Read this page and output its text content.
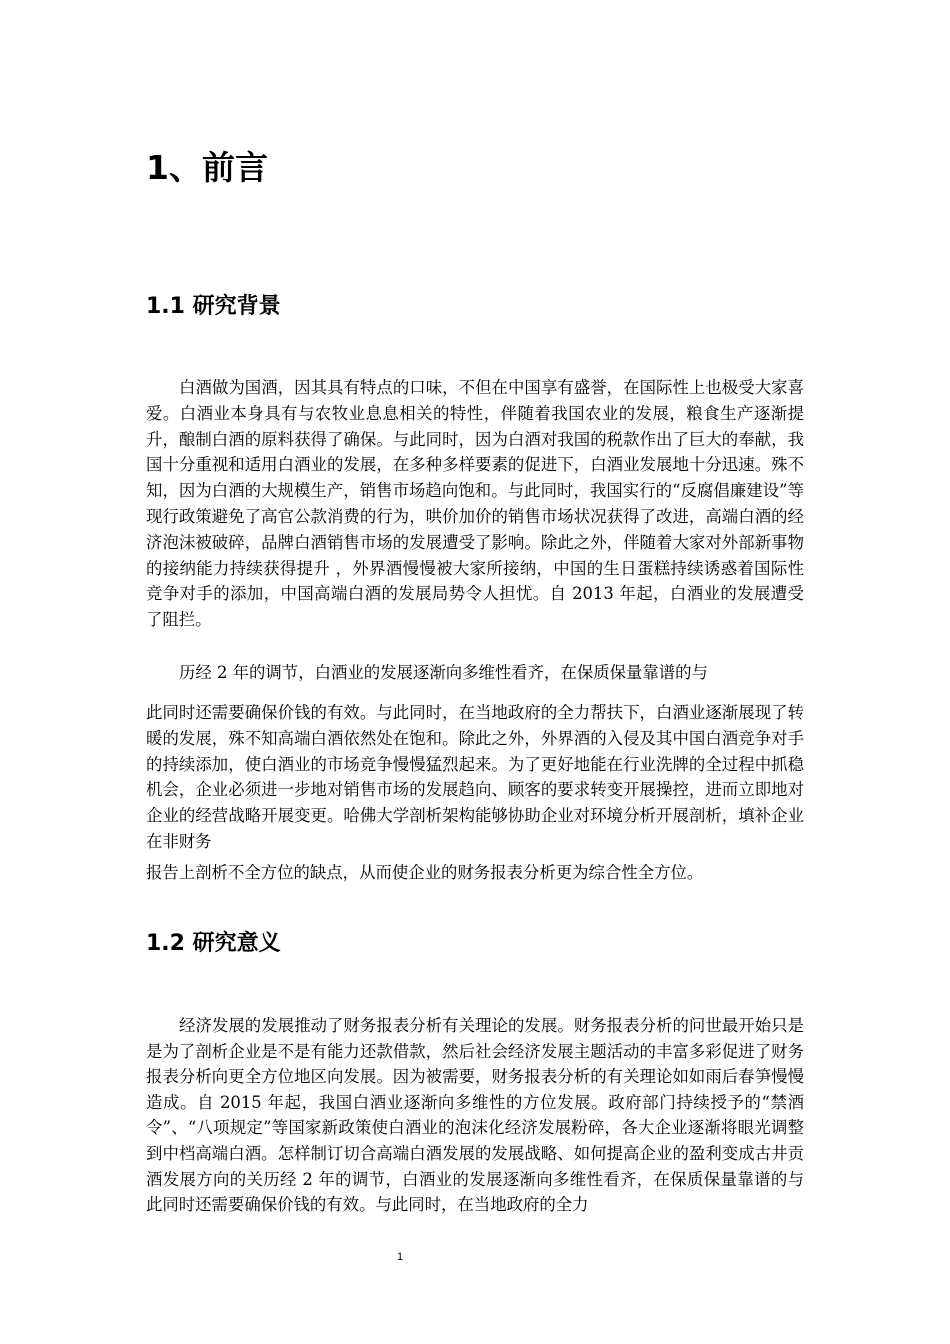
1、前言
1.1 研究背景

白酒做为国酒，因其具有特点的口味，不但在中国享有盛誉，在国际性上也极受大家喜爱。白酒业本身具有与农牧业息息相关的特性，伴随着我国农业的发展，粮食生产逐渐提升，酿制白酒的原料获得了确保。与此同时，因为白酒对我国的税款作出了巨大的奉献，我国十分重视和适用白酒业的发展，在多种多样要素的促进下，白酒业发展地十分迅速。殊不知，因为白酒的大规模生产，销售市场趋向饱和。与此同时，我国实行的“反腐倡廉建设”等现行政策避免了高官公款消费的行为，哄价加价的销售市场状况获得了改进，高端白酒的经济泡沫被破碎，品牌白酒销售市场的发展遭受了影响。除此之外，伴随着大家对外部新事物的接纳能力持续获得提升 ，外界酒慢慢被大家所接纳，中国的生日蛋糕持续诱惑着国际性竞争对手的添加，中国高端白酒的发展局势令人担忧。自 2013 年起，白酒业的发展遭受了阻拦。

历经 2 年的调节，白酒业的发展逐渐向多维性看齐，在保质保量靠谱的与

此同时还需要确保价钱的有效。与此同时，在当地政府的全力帮扶下，白酒业逐渐展现了转暖的发展，殊不知高端白酒依然处在饱和。除此之外，外界酒的入侵及其中国白酒竞争对手的持续添加，使白酒业的市场竞争慢慢猛烈起来。为了更好地能在行业洗牌的全过程中抓稳机会，企业必须进一步地对销售市场的发展趋向、顾客的要求转变开展操控，进而立即地对企业的经营战略开展变更。哈佛大学剖析架构能够协助企业对环境分析开展剖析，填补企业在非财务

报告上剖析不全方位的缺点，从而使企业的财务报表分析更为综合性全方位。

1.2 研究意义

经济发展的发展推动了财务报表分析有关理论的发展。财务报表分析的问世最开始只是是为了剖析企业是不是有能力还款借款，然后社会经济发展主题活动的丰富多彩促进了财务报表分析向更全方位地区向发展。因为被需要，财务报表分析的有关理论如如雨后春笋慢慢造成。自 2015 年起，我国白酒业逐渐向多维性的方位发展。政府部门持续授予的“禁酒令”、“八项规定”等国家新政策使白酒业的泡沫化经济发展粉碎，各大企业逐渐将眼光调整到中档高端白酒。怎样制订切合高端白酒发展的发展战略、如何提高企业的盈利变成古井贡酒发展方向的关历经 2 年的调节，白酒业的发展逐渐向多维性看齐，在保质保量靠谱的与此同时还需要确保价钱的有效。与此同时，在当地政府的全力

1
